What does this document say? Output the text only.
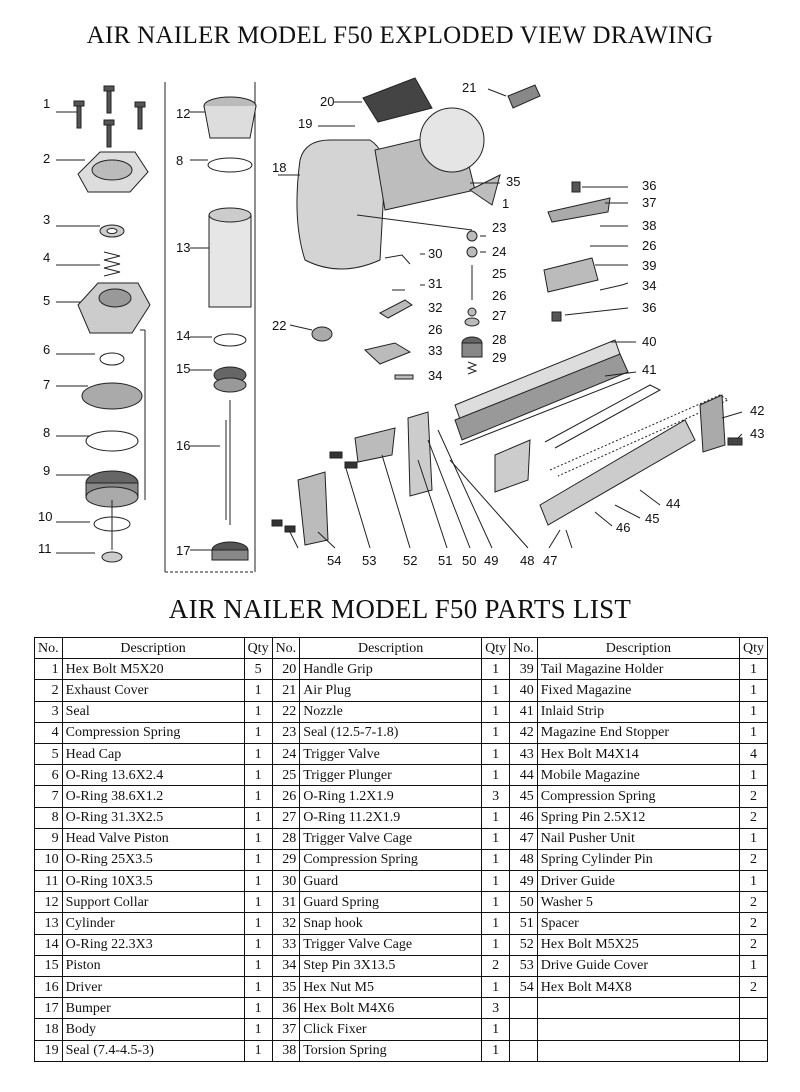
AIR NAILER MODEL F50 EXPLODED VIEW DRAWING
1
2
3
4
5
6
7
8
9
10
11
12
8
13
14
15
16
17
18
19
20
21
22
23
24
25
26
27
28
29
30
31
32
26
33
34
35
1
36
37
38
26
39
34
36
40
41
42
43
44
45
46
47
48
49
50
51
52
53
54
AIR NAILER MODEL F50 PARTS LIST
No.	Description	Qty	No.	Description	Qty	No.	Description	Qty
1	Hex Bolt M5X20	5	20	Handle Grip	1	39	Tail Magazine Holder	1
2	Exhaust Cover	1	21	Air Plug	1	40	Fixed Magazine	1
3	Seal	1	22	Nozzle	1	41	Inlaid Strip	1
4	Compression Spring	1	23	Seal (12.5-7-1.8)	1	42	Magazine End Stopper	1
5	Head Cap	1	24	Trigger Valve	1	43	Hex Bolt M4X14	4
6	O-Ring 13.6X2.4	1	25	Trigger Plunger	1	44	Mobile Magazine	1
7	O-Ring 38.6X1.2	1	26	O-Ring 1.2X1.9	3	45	Compression Spring	2
8	O-Ring 31.3X2.5	1	27	O-Ring 11.2X1.9	1	46	Spring Pin 2.5X12	2
9	Head Valve Piston	1	28	Trigger Valve Cage	1	47	Nail Pusher Unit	1
10	O-Ring 25X3.5	1	29	Compression Spring	1	48	Spring Cylinder Pin	2
11	O-Ring 10X3.5	1	30	Guard	1	49	Driver Guide	1
12	Support Collar	1	31	Guard Spring	1	50	Washer 5	2
13	Cylinder	1	32	Snap hook	1	51	Spacer	2
14	O-Ring 22.3X3	1	33	Trigger Valve Cage	1	52	Hex Bolt M5X25	2
15	Piston	1	34	Step Pin 3X13.5	2	53	Drive Guide Cover	1
16	Driver	1	35	Hex Nut M5	1	54	Hex Bolt M4X8	2
17	Bumper	1	36	Hex Bolt M4X6	3			
18	Body	1	37	Click Fixer	1			
19	Seal (7.4-4.5-3)	1	38	Torsion Spring	1			
